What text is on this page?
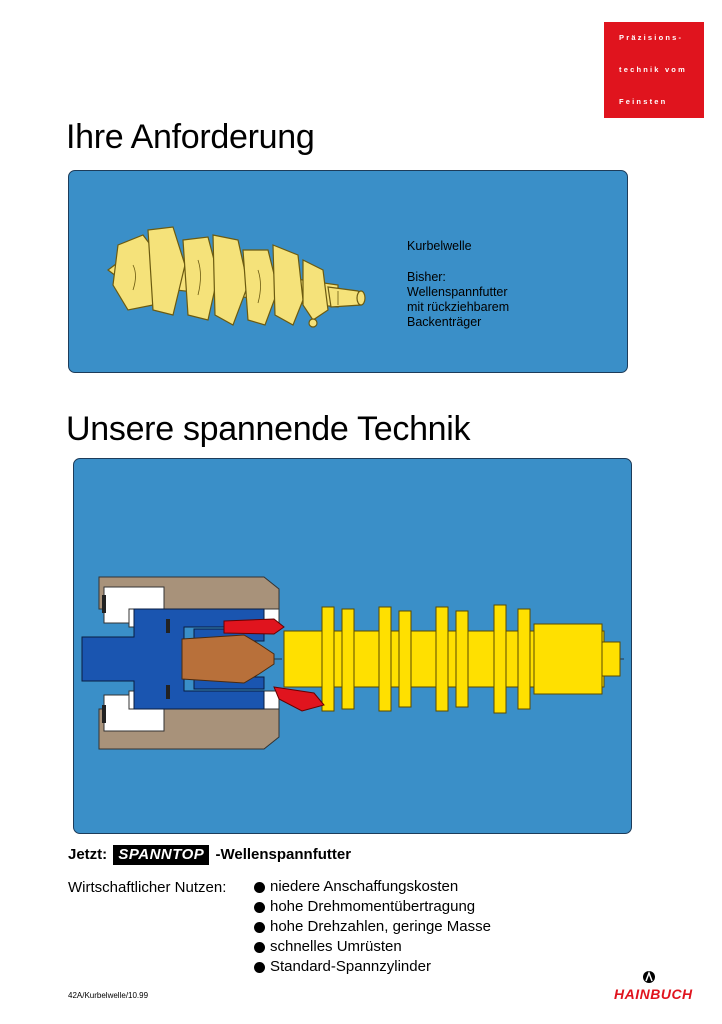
Präzisions-
technik vom
Feinsten
Ihre Anforderung
Kurbelwelle
Bisher:
Wellenspannfutter
mit rückziehbarem
Backenträger
Unsere spannende Technik
Jetzt: SPANNTOP -Wellenspannfutter
Wirtschaftlicher Nutzen:	niedere Anschaffungskosten
hohe Drehmomentübertragung
hohe Drehzahlen, geringe Masse
schnelles Umrüsten
Standard-Spannzylinder
42A/Kurbelwelle/10.99	HAINBUCH
